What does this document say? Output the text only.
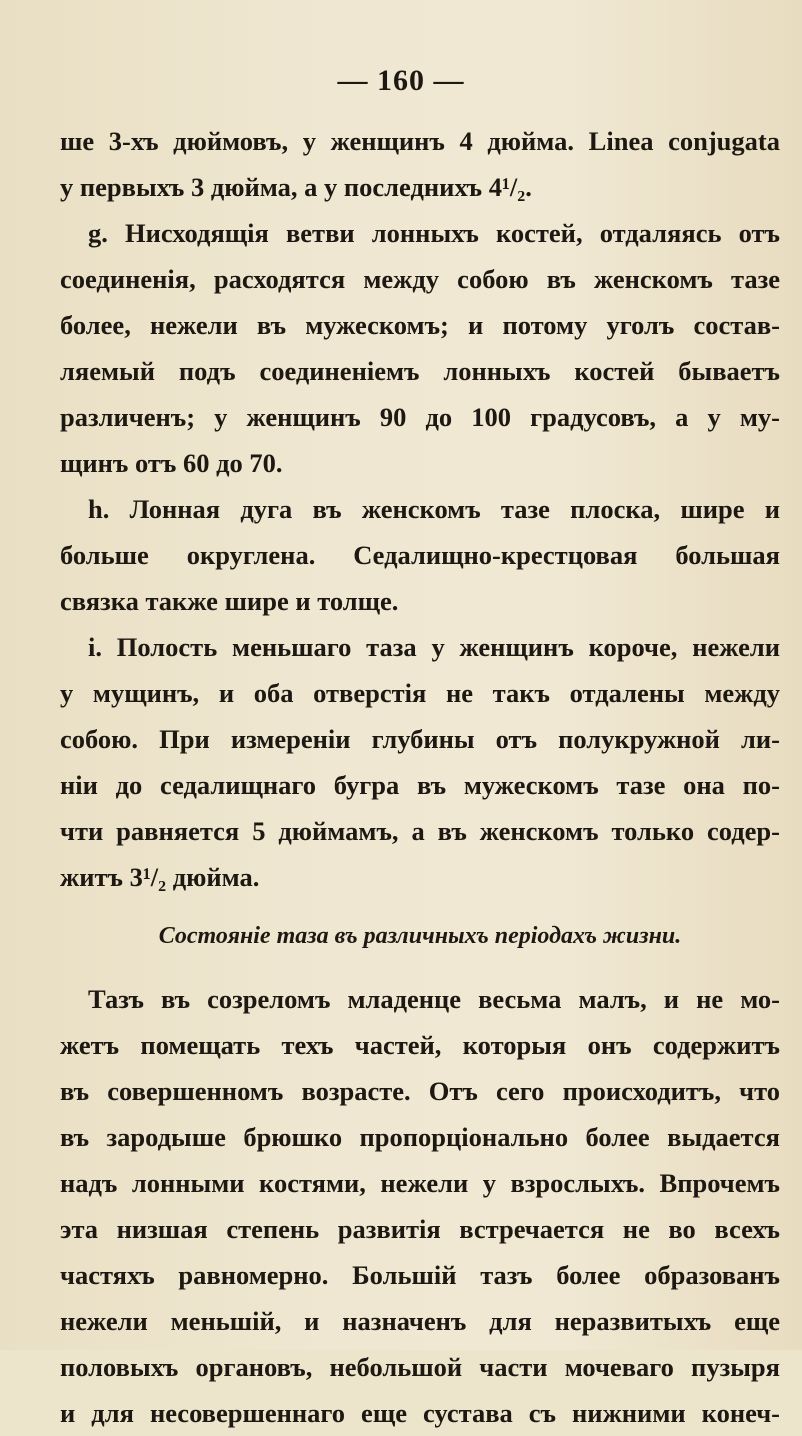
— 160 —
ше 3-хъ дюймовъ, у женщинъ 4 дюйма. Linea conjugata
у первыхъ 3 дюйма, а у последнихъ 4¹/₂.
g. Нисходящія ветви лонныхъ костей, отдаляясь отъ
соединенія, расходятся между собою въ женскомъ тазе
более, нежели въ мужескомъ; и потому уголъ состав-
ляемый подъ соединеніемъ лонныхъ костей бываетъ
различенъ; у женщинъ 90 до 100 градусовъ, а у му-
щинъ отъ 60 до 70.
h. Лонная дуга въ женскомъ тазе плоска, шире и
больше округлена. Седалищно-крестцовая большая
связка также шире и толще.
i. Полость меньшаго таза у женщинъ короче, нежели
у мущинъ, и оба отверстія не такъ отдалены между
собою. При измереніи глубины отъ полукружной ли-
ніи до седалищнаго бугра въ мужескомъ тазе она по-
чти равняется 5 дюймамъ, а въ женскомъ только содер-
житъ 3¹/₂ дюйма.
Состояніе таза въ различныхъ періодахъ жизни.
Тазъ въ созреломъ младенце весьма малъ, и не мо-
жетъ помещать техъ частей, которыя онъ содержитъ
въ совершенномъ возрасте. Отъ сего происходитъ, что
въ зародыше брюшко пропорціонально более выдается
надъ лонными костями, нежели у взрослыхъ. Впрочемъ
эта низшая степень развитія встречается не во всехъ
частяхъ равномерно. Большій тазъ более образованъ
нежели меньшій, и назначенъ для неразвитыхъ еще
половыхъ органовъ, небольшой части мочеваго пузыря
и для несовершеннаго еще сустава съ нижними конеч-
